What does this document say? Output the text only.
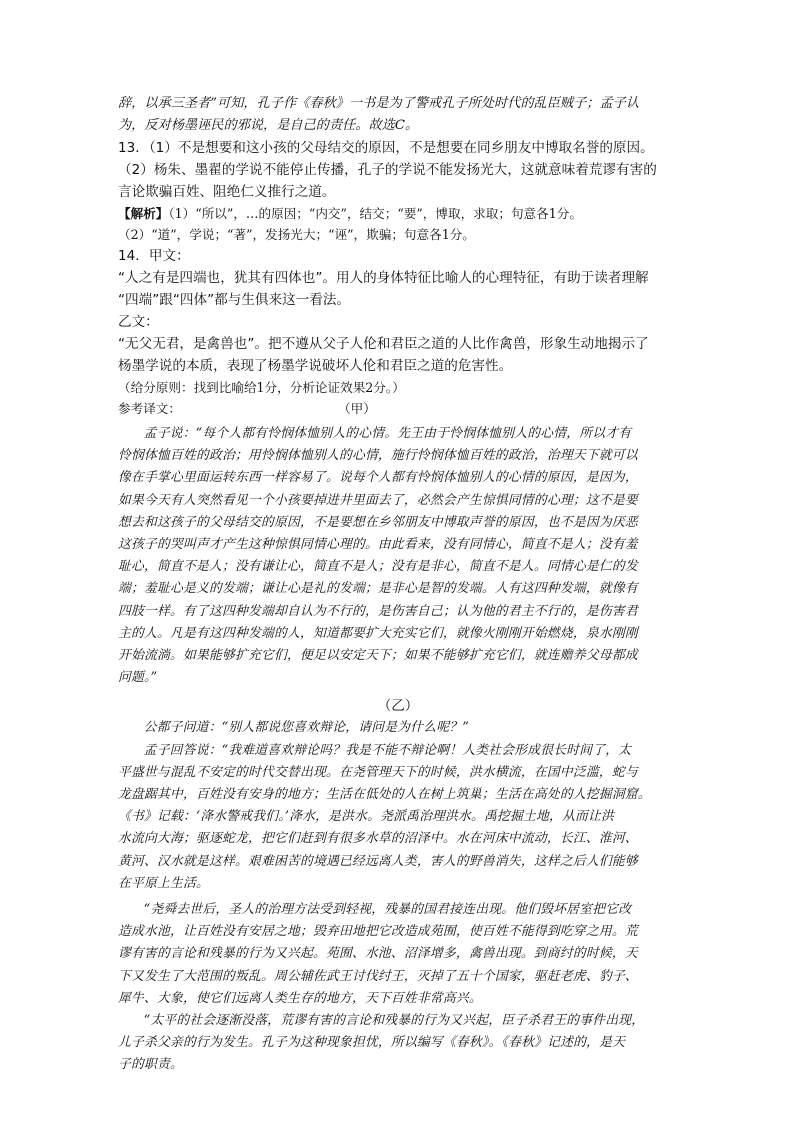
辞，以承三圣者”可知，孔子作《春秋》一书是为了警戒孔子所处时代的乱臣贼子；孟子认

为，反对杨墨诬民的邪说，是自己的责任。故选C。

13．（1）不是想要和这小孩的父母结交的原因，不是想要在同乡朋友中博取名誉的原因。

（2）杨朱、墨翟的学说不能停止传播，孔子的学说不能发扬光大，这就意味着荒谬有害的

言论欺骗百姓、阻绝仁义推行之道。

【解析】（1）“所以”，…的原因；“内交”，结交；“要”，博取，求取；句意各1分。

（2）“道”，学说；“著”，发扬光大；“诬”，欺骗；句意各1分。

14．甲文：

“人之有是四端也，犹其有四体也”。用人的身体特征比喻人的心理特征，有助于读者理解

“四端”跟“四体”都与生俱来这一看法。

乙文：

“无父无君，是禽兽也”。把不遵从父子人伦和君臣之道的人比作禽兽，形象生动地揭示了

杨墨学说的本质，表现了杨墨学说破坏人伦和君臣之道的危害性。

（给分原则：找到比喻给1分，分析论证效果2分。）

参考译文：	（甲）

孟子说：“每个人都有怜悯体恤别人的心情。先王由于怜悯体恤别人的心情，所以才有

怜悯体恤百姓的政治；用怜悯体恤别人的心情，施行怜悯体恤百姓的政治，治理天下就可以

像在手掌心里面运转东西一样容易了。说每个人都有怜悯体恤别人的心情的原因，是因为，

如果今天有人突然看见一个小孩要掉进井里面去了，必然会产生惊惧同情的心理；这不是要

想去和这孩子的父母结交的原因，不是要想在乡邻朋友中博取声誉的原因，也不是因为厌恶

这孩子的哭叫声才产生这种惊惧同情心理的。由此看来，没有同情心，简直不是人；没有羞

耻心，简直不是人；没有谦让心，简直不是人；没有是非心，简直不是人。同情心是仁的发

端；羞耻心是义的发端；谦让心是礼的发端；是非心是智的发端。人有这四种发端，就像有

四肢一样。有了这四种发端却自认为不行的，是伤害自己；认为他的君主不行的，是伤害君

主的人。凡是有这四种发端的人，知道都要扩大充实它们，就像火刚刚开始燃烧，泉水刚刚

开始流淌。如果能够扩充它们，便足以安定天下；如果不能够扩充它们，就连赡养父母都成

问题。”

（乙）

公都子问道：“别人都说您喜欢辩论，请问是为什么呢？”

孟子回答说：“我难道喜欢辩论吗？我是不能不辩论啊！人类社会形成很长时间了，太

平盛世与混乱不安定的时代交替出现。在尧管理天下的时候，洪水横流，在国中泛滥，蛇与

龙盘踞其中，百姓没有安身的地方；生活在低处的人在树上筑巢；生活在高处的人挖掘洞窟。

《书》记载：‘洚水警戒我们。’洚水，是洪水。尧派禹治理洪水。禹挖掘土地，从而让洪

水流向大海；驱逐蛇龙，把它们赶到有很多水草的沼泽中。水在河床中流动，长江、淮河、

黄河、汉水就是这样。艰难困苦的境遇已经远离人类，害人的野兽消失，这样之后人们能够

在平原上生活。

“尧舜去世后，圣人的治理方法受到轻视，残暴的国君接连出现。他们毁坏居室把它改

造成水池，让百姓没有安居之地；毁弃田地把它改造成苑囿，使百姓不能得到吃穿之用。荒

谬有害的言论和残暴的行为又兴起。苑囿、水池、沼泽增多，禽兽出现。到商纣的时候，天

下又发生了大范围的叛乱。周公辅佐武王讨伐纣王，灭掉了五十个国家，驱赶老虎、豹子、

犀牛、大象，使它们远离人类生存的地方，天下百姓非常高兴。

“太平的社会逐渐没落，荒谬有害的言论和残暴的行为又兴起，臣子杀君王的事件出现，

儿子杀父亲的行为发生。孔子为这种现象担忧，所以编写《春秋》。《春秋》记述的，是天

子的职责。
